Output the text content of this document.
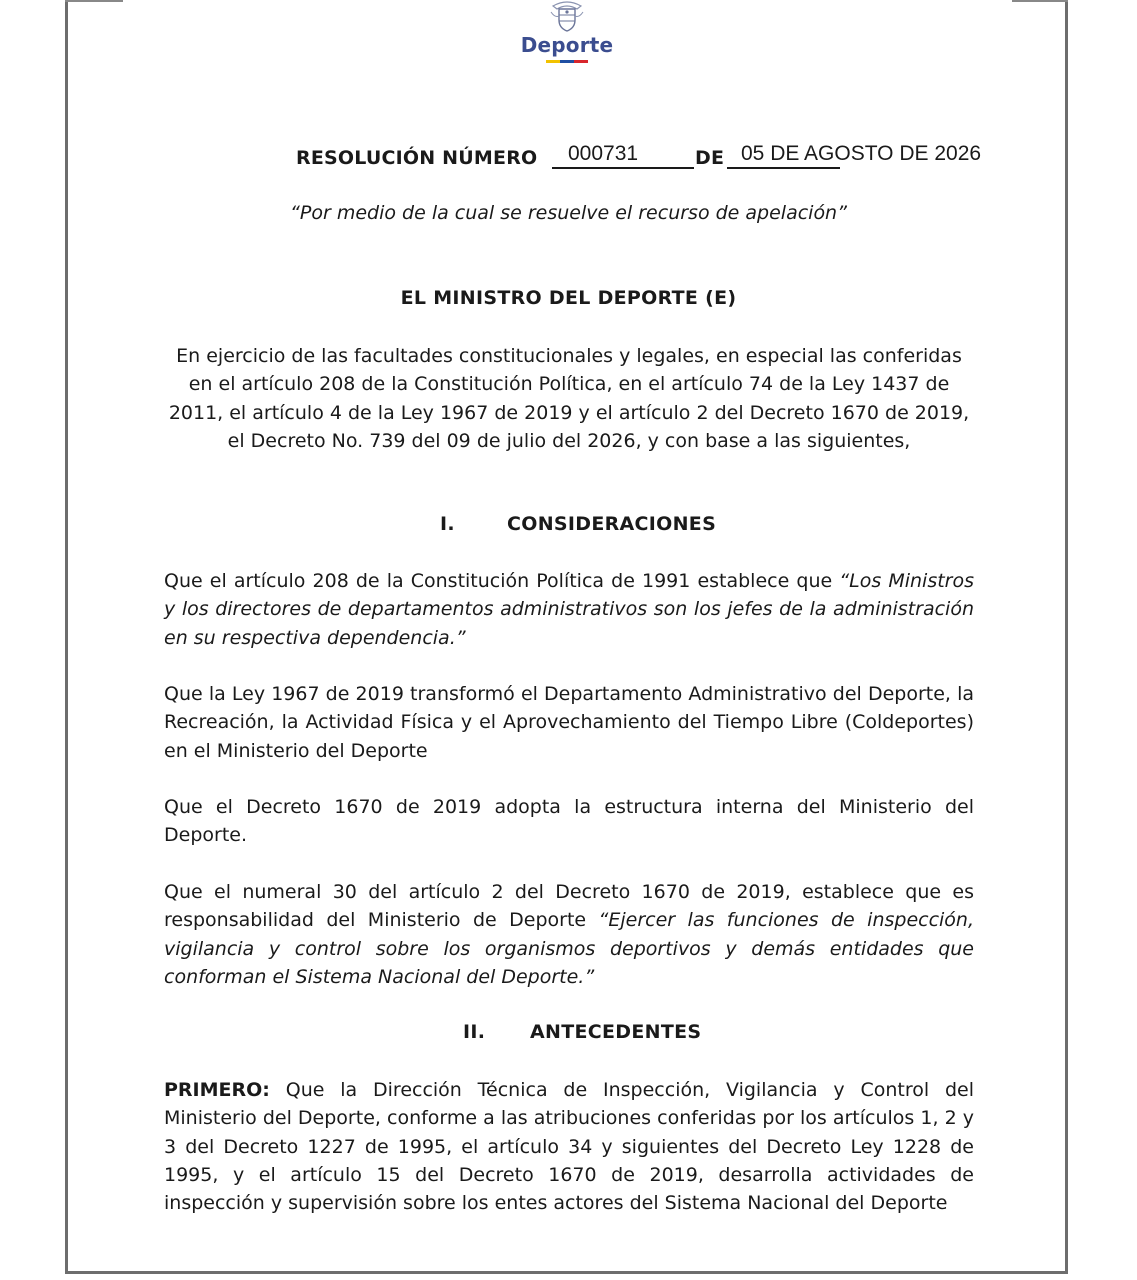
Deporte
RESOLUCIÓN NÚMERO 000731	DE 05 DE AGOSTO DE 2026
“Por medio de la cual se resuelve el recurso de apelación”
EL MINISTRO DEL DEPORTE (E)
En ejercicio de las facultades constitucionales y legales, en especial las conferidas en el artículo 208 de la Constitución Política, en el artículo 74 de la Ley 1437 de 2011, el artículo 4 de la Ley 1967 de 2019 y el artículo 2 del Decreto 1670 de 2019, el Decreto No. 739 del 09 de julio del 2026, y con base a las siguientes,
I.	CONSIDERACIONES
Que el artículo 208 de la Constitución Política de 1991 establece que “Los Ministros y los directores de departamentos administrativos son los jefes de la administración en su respectiva dependencia.”
Que la Ley 1967 de 2019 transformó el Departamento Administrativo del Deporte, la Recreación, la Actividad Física y el Aprovechamiento del Tiempo Libre (Coldeportes) en el Ministerio del Deporte
Que el Decreto 1670 de 2019 adopta la estructura interna del Ministerio del Deporte.
Que el numeral 30 del artículo 2 del Decreto 1670 de 2019, establece que es responsabilidad del Ministerio de Deporte “Ejercer las funciones de inspección, vigilancia y control sobre los organismos deportivos y demás entidades que conforman el Sistema Nacional del Deporte.”
II. ANTECEDENTES
PRIMERO: Que la Dirección Técnica de Inspección, Vigilancia y Control del Ministerio del Deporte, conforme a las atribuciones conferidas por los artículos 1, 2 y 3 del Decreto 1227 de 1995, el artículo 34 y siguientes del Decreto Ley 1228 de 1995, y el artículo 15 del Decreto 1670 de 2019, desarrolla actividades de inspección y supervisión sobre los entes actores del Sistema Nacional del Deporte
